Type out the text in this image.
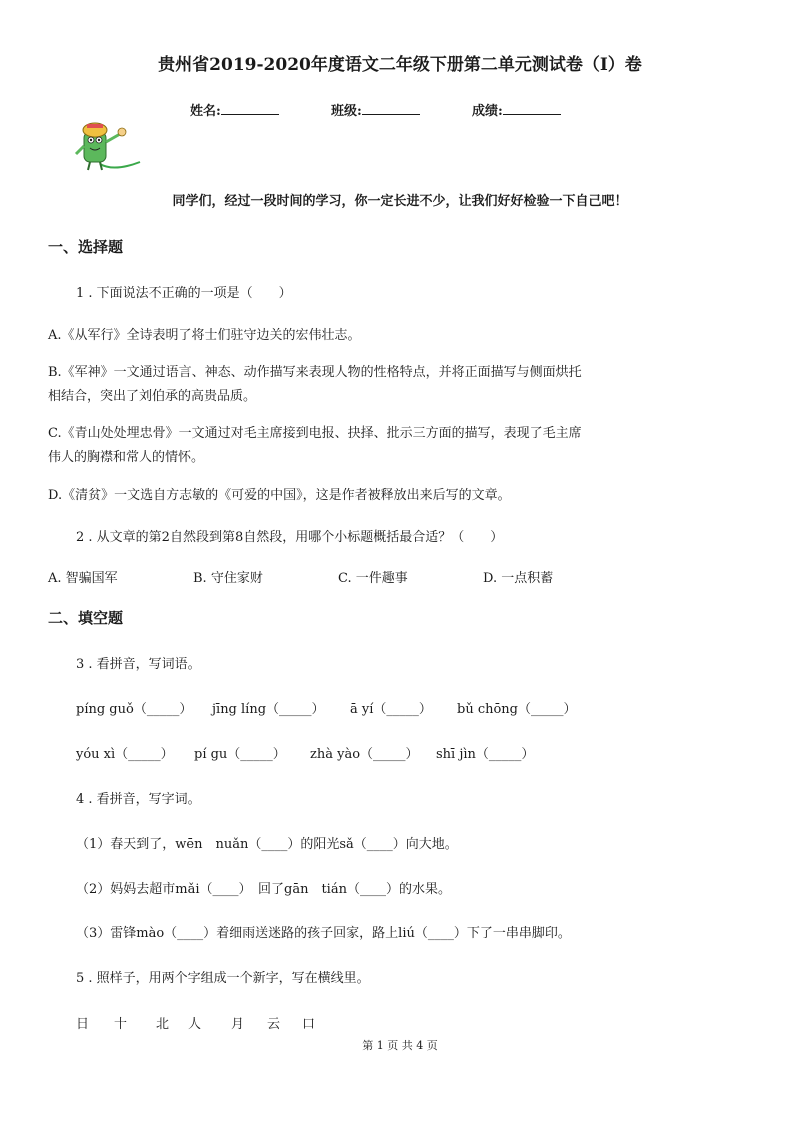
贵州省2019-2020年度语文二年级下册第二单元测试卷（I）卷
姓名:	班级:	成绩:
同学们，经过一段时间的学习，你一定长进不少，让我们好好检验一下自己吧！
一、选择题
1 . 下面说法不正确的一项是（　　）
A.《从军行》全诗表明了将士们驻守边关的宏伟壮志。
B.《军神》一文通过语言、神态、动作描写来表现人物的性格特点，并将正面描写与侧面烘托
相结合，突出了刘伯承的高贵品质。
C.《青山处处埋忠骨》一文通过对毛主席接到电报、抉择、批示三方面的描写，表现了毛主席
伟人的胸襟和常人的情怀。
D.《清贫》一文选自方志敏的《可爱的中国》，这是作者被释放出来后写的文章。
2 . 从文章的第2自然段到第8自然段，用哪个小标题概括最合适？（　　）
A. 智骗国军	B. 守住家财	C. 一件趣事	D. 一点积蓄
二、填空题
3 . 看拼音，写词语。
píng guǒ（_____） jīng líng（_____） ā yí（_____） bǔ chōng（_____）
yóu xì（_____） pí gu（_____） zhà yào（_____） shī jìn（_____）
4 . 看拼音，写字词。
（1）春天到了，wēn　nuǎn（____）的阳光sǎ（____）向大地。
（2）妈妈去超市mǎi（____）　回了gān　tián（____）的水果。
（3）雷锋mào（____）着细雨送迷路的孩子回家，路上liú（____）下了一串串脚印。
5 . 照样子，用两个字组成一个新字，写在横线里。
日 十 北 人 月 云 口
第 1 页 共 4 页
